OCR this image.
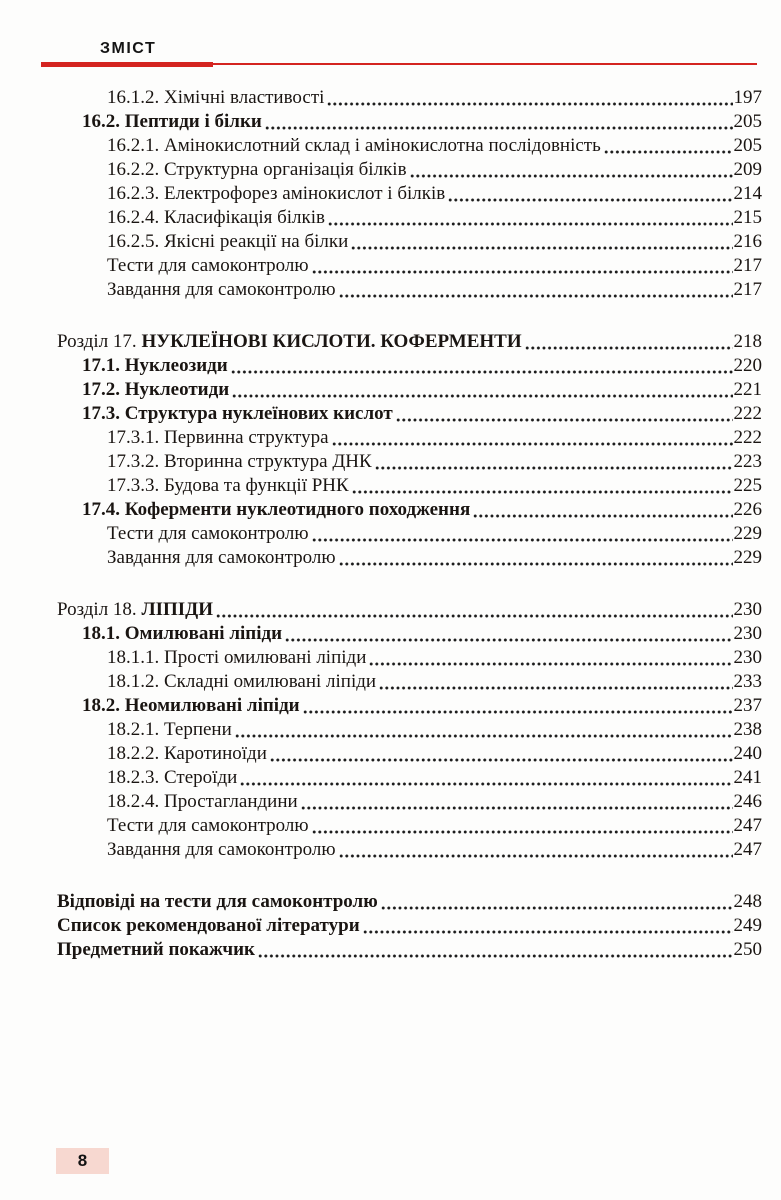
ЗМІСТ
16.1.2. Хімічні властивості	197
16.2. Пептиди і білки	205
16.2.1. Амінокислотний склад і амінокислотна послідовність	205
16.2.2. Структурна організація білків	209
16.2.3. Електрофорез амінокислот і білків	214
16.2.4. Класифікація білків	215
16.2.5. Якісні реакції на білки	216
Тести для самоконтролю	217
Завдання для самоконтролю	217
Розділ 17. НУКЛЕЇНОВІ КИСЛОТИ. КОФЕРМЕНТИ	218
17.1. Нуклеозиди	220
17.2. Нуклеотиди	221
17.3. Структура нуклеїнових кислот	222
17.3.1. Первинна структура	222
17.3.2. Вторинна структура ДНК	223
17.3.3. Будова та функції РНК	225
17.4. Коферменти нуклеотидного походження	226
Тести для самоконтролю	229
Завдання для самоконтролю	229
Розділ 18. ЛІПІДИ	230
18.1. Омилювані ліпіди	230
18.1.1. Прості омилювані ліпіди	230
18.1.2. Складні омилювані ліпіди	233
18.2. Неомилювані ліпіди	237
18.2.1. Терпени	238
18.2.2. Каротиноїди	240
18.2.3. Стероїди	241
18.2.4. Простагландини	246
Тести для самоконтролю	247
Завдання для самоконтролю	247
Відповіді на тести для самоконтролю	248
Список рекомендованої літератури	249
Предметний покажчик	250
8
